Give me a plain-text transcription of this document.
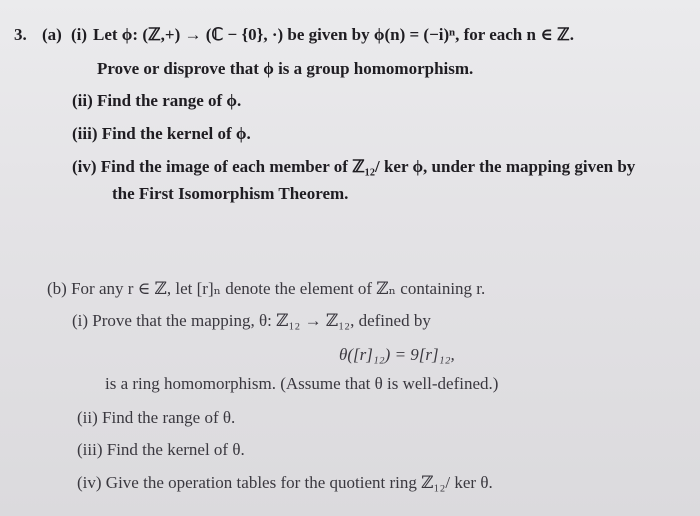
3. (a) (i) Let ϕ: (ℤ,+) → (ℂ − {0}, ·) be given by ϕ(n) = (−i)ⁿ, for each n ∈ ℤ.
Prove or disprove that ϕ is a group homomorphism.
(ii) Find the range of ϕ.
(iii) Find the kernel of ϕ.
(iv) Find the image of each member of ℤ₁₂/ ker ϕ, under the mapping given by
the First Isomorphism Theorem.
(b) For any r ∈ ℤ, let [r]ₙ denote the element of ℤₙ containing r.
(i) Prove that the mapping, θ: ℤ₁₂ → ℤ₁₂, defined by
θ([r]₁₂) = 9[r]₁₂,
is a ring homomorphism. (Assume that θ is well-defined.)
(ii) Find the range of θ.
(iii) Find the kernel of θ.
(iv) Give the operation tables for the quotient ring ℤ₁₂/ ker θ.
